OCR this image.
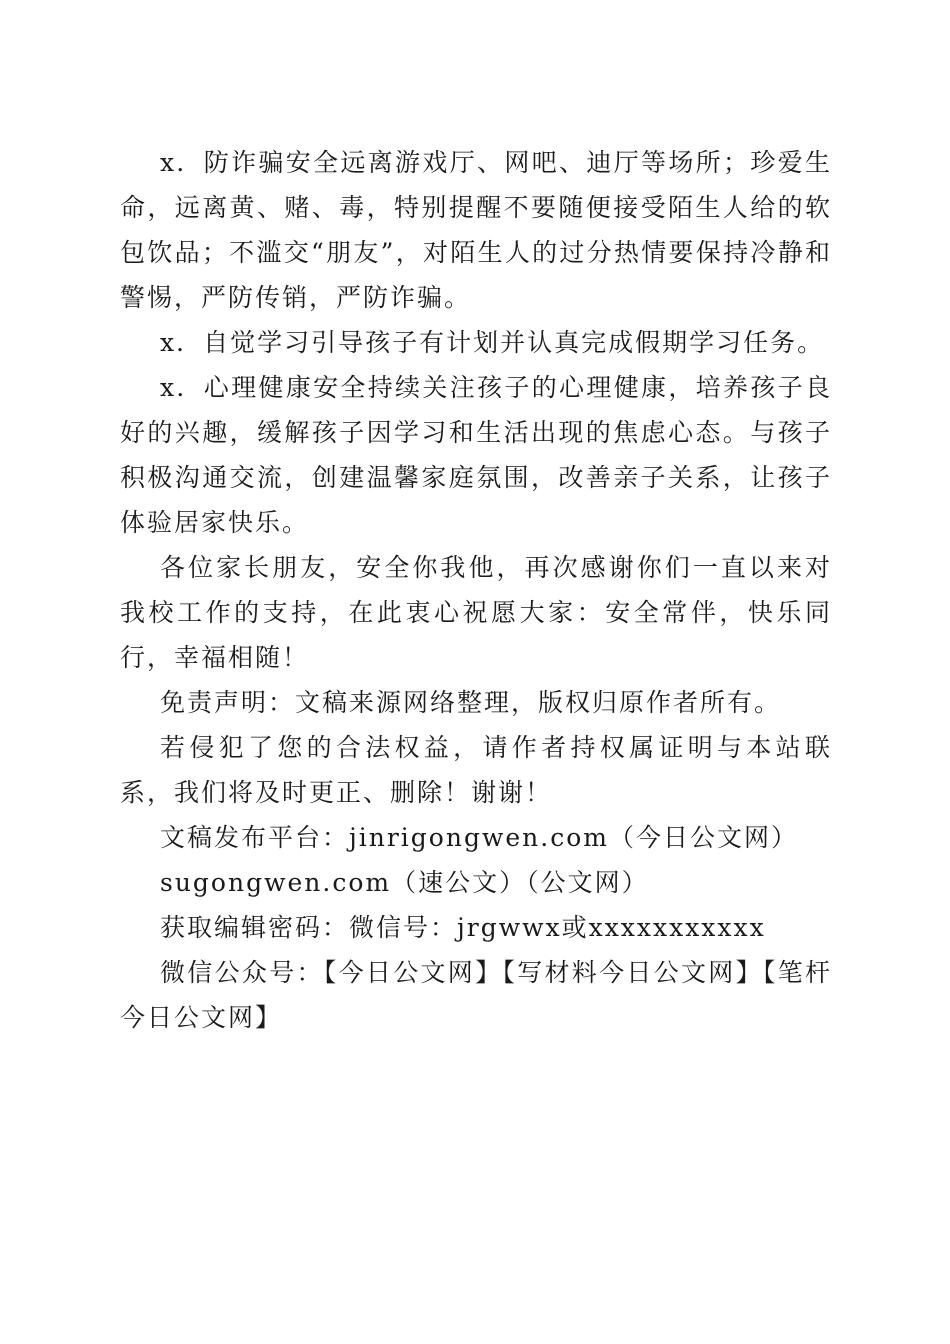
x．防诈骗安全远离游戏厅、网吧、迪厅等场所；珍爱生命，远离黄、赌、毒，特别提醒不要随便接受陌生人给的软包饮品；不滥交“朋友”，对陌生人的过分热情要保持冷静和警惕，严防传销，严防诈骗。

x．自觉学习引导孩子有计划并认真完成假期学习任务。

x．心理健康安全持续关注孩子的心理健康，培养孩子良好的兴趣，缓解孩子因学习和生活出现的焦虑心态。与孩子积极沟通交流，创建温馨家庭氛围，改善亲子关系，让孩子体验居家快乐。

各位家长朋友，安全你我他，再次感谢你们一直以来对我校工作的支持，在此衷心祝愿大家：安全常伴，快乐同行，幸福相随！

免责声明：文稿来源网络整理，版权归原作者所有。

若侵犯了您的合法权益，请作者持权属证明与本站联系，我们将及时更正、删除！谢谢！

文稿发布平台：jinrigongwen.com（今日公文网）

sugongwen.com（速公文）（公文网）

获取编辑密码：微信号：jrgwwx或xxxxxxxxxxx

微信公众号：【今日公文网】【写材料今日公文网】【笔杆今日公文网】
